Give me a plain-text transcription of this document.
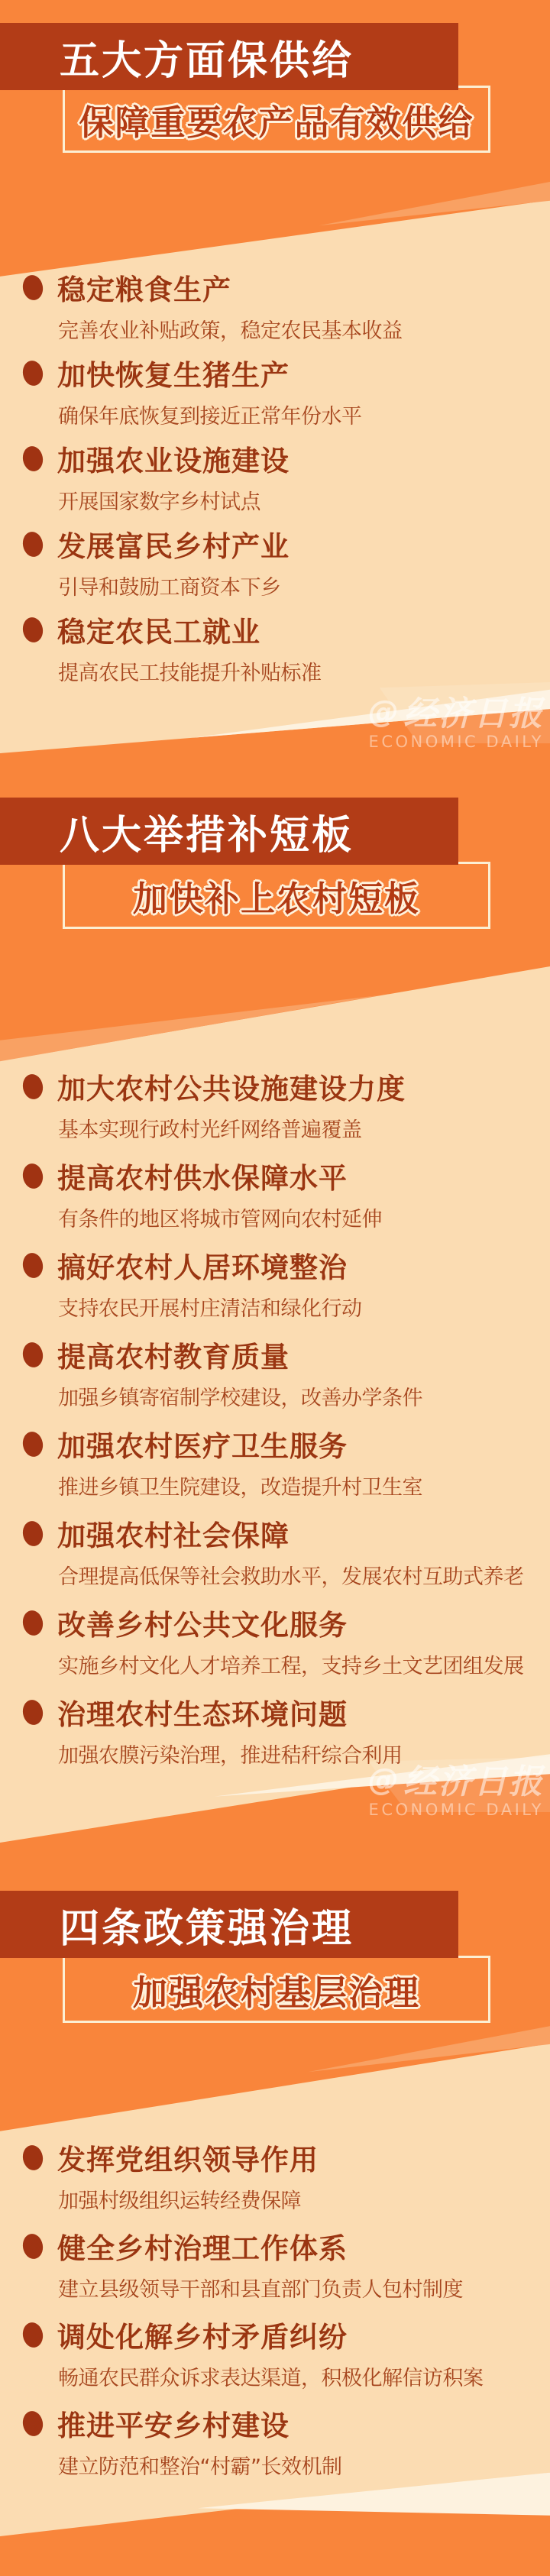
五大方面保供给
保障重要农产品有效供给
稳定粮食生产
完善农业补贴政策，稳定农民基本收益
加快恢复生猪生产
确保年底恢复到接近正常年份水平
加强农业设施建设
开展国家数字乡村试点
发展富民乡村产业
引导和鼓励工商资本下乡
稳定农民工就业
提高农民工技能提升补贴标准
@经济日报
ECONOMIC DAILY
八大举措补短板
加快补上农村短板
加大农村公共设施建设力度
基本实现行政村光纤网络普遍覆盖
提高农村供水保障水平
有条件的地区将城市管网向农村延伸
搞好农村人居环境整治
支持农民开展村庄清洁和绿化行动
提高农村教育质量
加强乡镇寄宿制学校建设，改善办学条件
加强农村医疗卫生服务
推进乡镇卫生院建设，改造提升村卫生室
加强农村社会保障
合理提高低保等社会救助水平，发展农村互助式养老
改善乡村公共文化服务
实施乡村文化人才培养工程，支持乡土文艺团组发展
治理农村生态环境问题
加强农膜污染治理，推进秸秆综合利用
@经济日报
ECONOMIC DAILY
四条政策强治理
加强农村基层治理
发挥党组织领导作用
加强村级组织运转经费保障
健全乡村治理工作体系
建立县级领导干部和县直部门负责人包村制度
调处化解乡村矛盾纠纷
畅通农民群众诉求表达渠道，积极化解信访积案
推进平安乡村建设
建立防范和整治“村霸”长效机制
